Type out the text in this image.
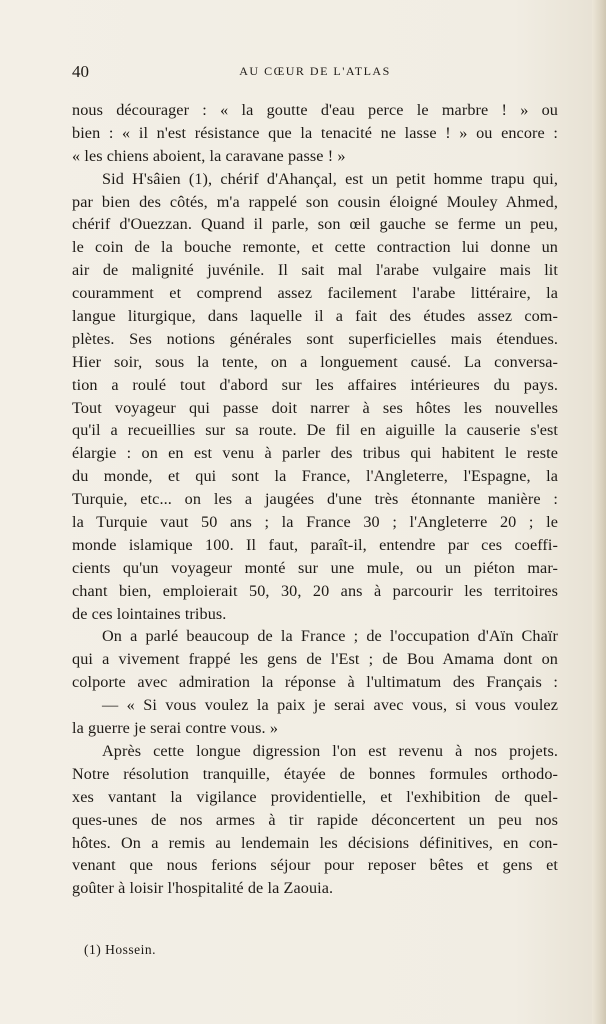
40	AU CŒUR DE L'ATLAS
nous décourager : « la goutte d'eau perce le marbre ! » ou
bien : « il n'est résistance que la tenacité ne lasse ! » ou encore :
« les chiens aboient, la caravane passe ! »
Sid H'sâien (1), chérif d'Ahançal, est un petit homme trapu qui,
par bien des côtés, m'a rappelé son cousin éloigné Mouley Ahmed,
chérif d'Ouezzan. Quand il parle, son œil gauche se ferme un peu,
le coin de la bouche remonte, et cette contraction lui donne un
air de malignité juvénile. Il sait mal l'arabe vulgaire mais lit
couramment et comprend assez facilement l'arabe littéraire, la
langue liturgique, dans laquelle il a fait des études assez com-
plètes. Ses notions générales sont superficielles mais étendues.
Hier soir, sous la tente, on a longuement causé. La conversa-
tion a roulé tout d'abord sur les affaires intérieures du pays.
Tout voyageur qui passe doit narrer à ses hôtes les nouvelles
qu'il a recueillies sur sa route. De fil en aiguille la causerie s'est
élargie : on en est venu à parler des tribus qui habitent le reste
du monde, et qui sont la France, l'Angleterre, l'Espagne, la
Turquie, etc... on les a jaugées d'une très étonnante manière :
la Turquie vaut 50 ans ; la France 30 ; l'Angleterre 20 ; le
monde islamique 100. Il faut, paraît-il, entendre par ces coeffi-
cients qu'un voyageur monté sur une mule, ou un piéton mar-
chant bien, emploierait 50, 30, 20 ans à parcourir les territoires
de ces lointaines tribus.
On a parlé beaucoup de la France ; de l'occupation d'Aïn Chaïr
qui a vivement frappé les gens de l'Est ; de Bou Amama dont on
colporte avec admiration la réponse à l'ultimatum des Français :
— « Si vous voulez la paix je serai avec vous, si vous voulez
la guerre je serai contre vous. »
Après cette longue digression l'on est revenu à nos projets.
Notre résolution tranquille, étayée de bonnes formules orthodo-
xes vantant la vigilance providentielle, et l'exhibition de quel-
ques-unes de nos armes à tir rapide déconcertent un peu nos
hôtes. On a remis au lendemain les décisions définitives, en con-
venant que nous ferions séjour pour reposer bêtes et gens et
goûter à loisir l'hospitalité de la Zaouia.
(1) Hossein.
